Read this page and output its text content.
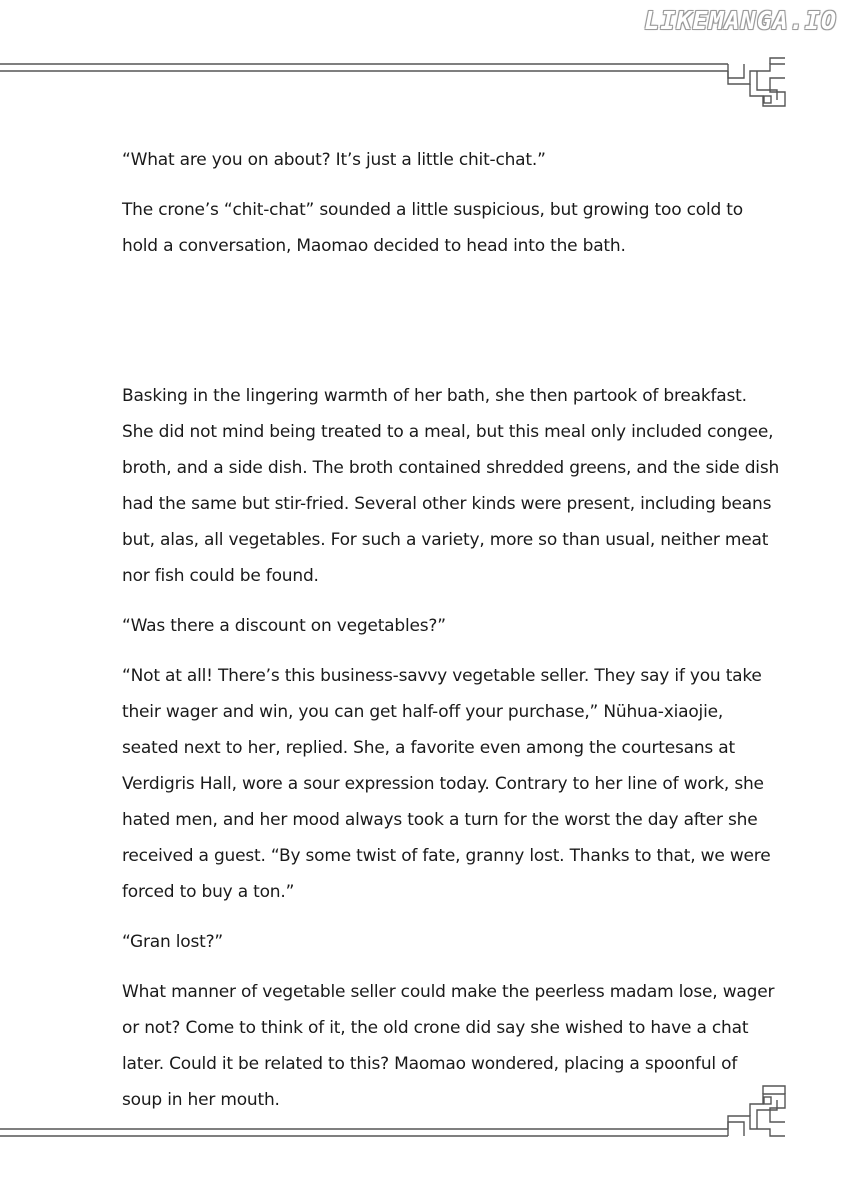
LIKEMANGA.IO

“What are you on about? It’s just a little chit-chat.”

The crone’s “chit-chat” sounded a little suspicious, but growing too cold to hold a conversation, Maomao decided to head into the bath.

Basking in the lingering warmth of her bath, she then partook of breakfast. She did not mind being treated to a meal, but this meal only included congee, broth, and a side dish. The broth contained shredded greens, and the side dish had the same but stir-fried. Several other kinds were present, including beans but, alas, all vegetables. For such a variety, more so than usual, neither meat nor fish could be found.

“Was there a discount on vegetables?”

“Not at all! There’s this business-savvy vegetable seller. They say if you take their wager and win, you can get half-off your purchase,” Nühua-xiaojie, seated next to her, replied. She, a favorite even among the courtesans at Verdigris Hall, wore a sour expression today. Contrary to her line of work, she hated men, and her mood always took a turn for the worst the day after she received a guest. “By some twist of fate, granny lost. Thanks to that, we were forced to buy a ton.”

“Gran lost?”

What manner of vegetable seller could make the peerless madam lose, wager or not? Come to think of it, the old crone did say she wished to have a chat later. Could it be related to this? Maomao wondered, placing a spoonful of soup in her mouth.
